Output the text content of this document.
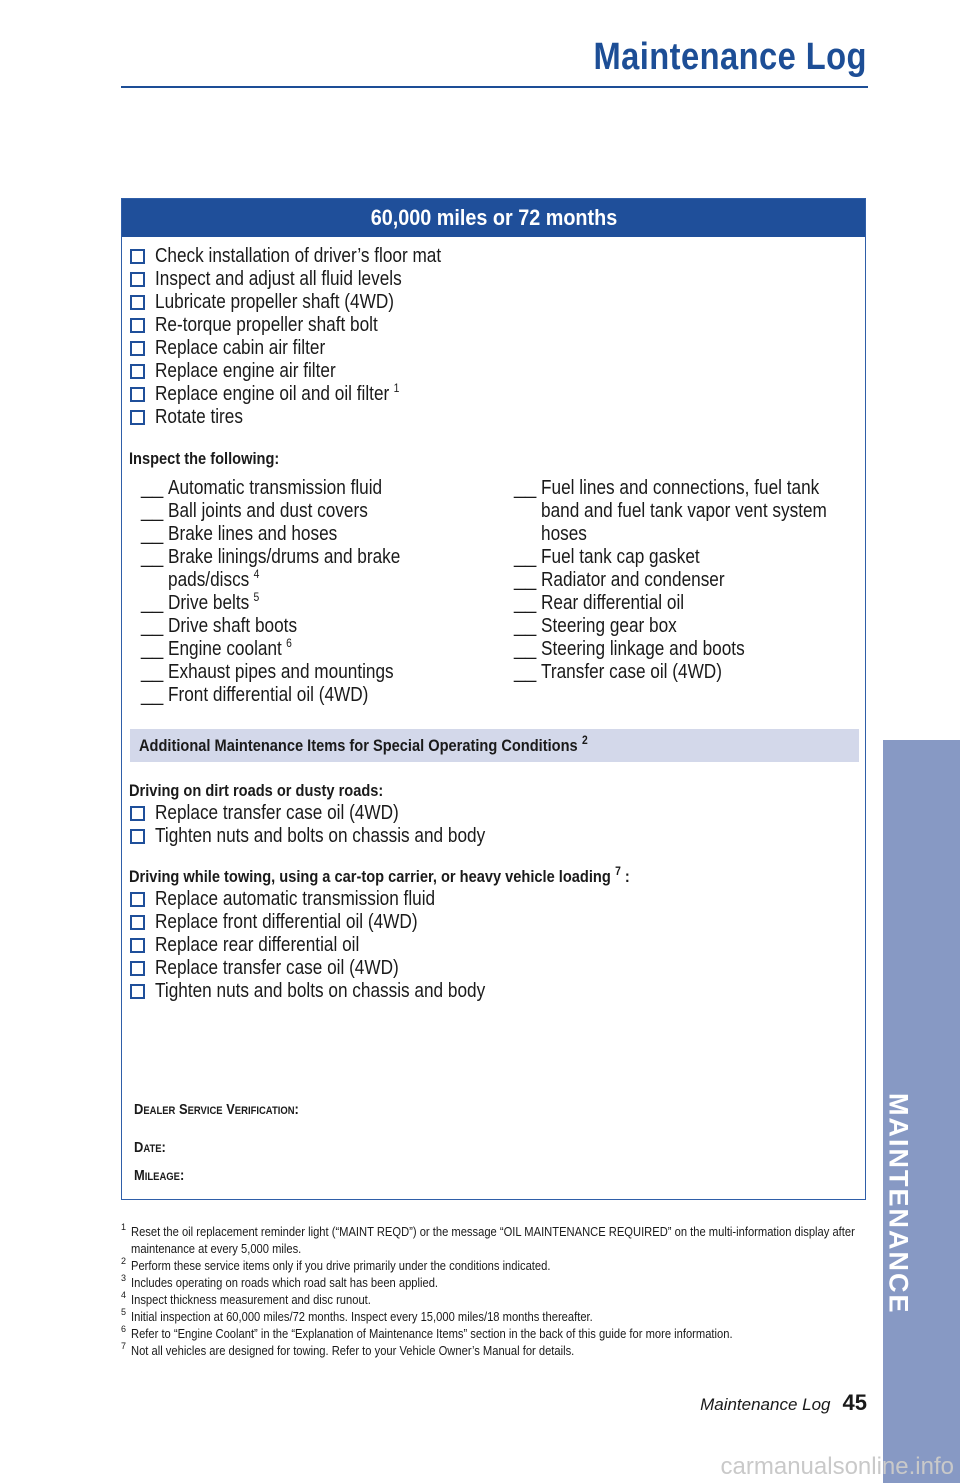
Maintenance Log
60,000 miles or 72 months
Check installation of driver’s floor mat
Inspect and adjust all fluid levels
Lubricate propeller shaft (4WD)
Re-torque propeller shaft bolt
Replace cabin air filter
Replace engine air filter
Replace engine oil and oil filter $^1$
Rotate tires
Inspect the following:
__ Automatic transmission fluid
__ Ball joints and dust covers
__ Brake lines and hoses
__ Brake linings/drums and brake pads/discs $^4$
__ Drive belts $^5$
__ Drive shaft boots
__ Engine coolant $^6$
__ Exhaust pipes and mountings
__ Front differential oil (4WD)
__ Fuel lines and connections, fuel tank band and fuel tank vapor vent system hoses
__ Fuel tank cap gasket
__ Radiator and condenser
__ Rear differential oil
__ Steering gear box
__ Steering linkage and boots
__ Transfer case oil (4WD)
Additional Maintenance Items for Special Operating Conditions $^2$
Driving on dirt roads or dusty roads:
Replace transfer case oil (4WD)
Tighten nuts and bolts on chassis and body
Driving while towing, using a car-top carrier, or heavy vehicle loading $^7$ :
Replace automatic transmission fluid
Replace front differential oil (4WD)
Replace rear differential oil
Replace transfer case oil (4WD)
Tighten nuts and bolts on chassis and body
Dealer Service Verification:
Date:
Mileage:
1 Reset the oil replacement reminder light (“MAINT REQD”) or the message “OIL MAINTENANCE REQUIRED” on the multi-information display after maintenance at every 5,000 miles.
2 Perform these service items only if you drive primarily under the conditions indicated.
3 Includes operating on roads which road salt has been applied.
4 Inspect thickness measurement and disc runout.
5 Initial inspection at 60,000 miles/72 months. Inspect every 15,000 miles/18 months thereafter.
6 Refer to “Engine Coolant” in the “Explanation of Maintenance Items” section in the back of this guide for more information.
7 Not all vehicles are designed for towing. Refer to your Vehicle Owner’s Manual for details.
Maintenance Log 45
carmanualsonline.info
